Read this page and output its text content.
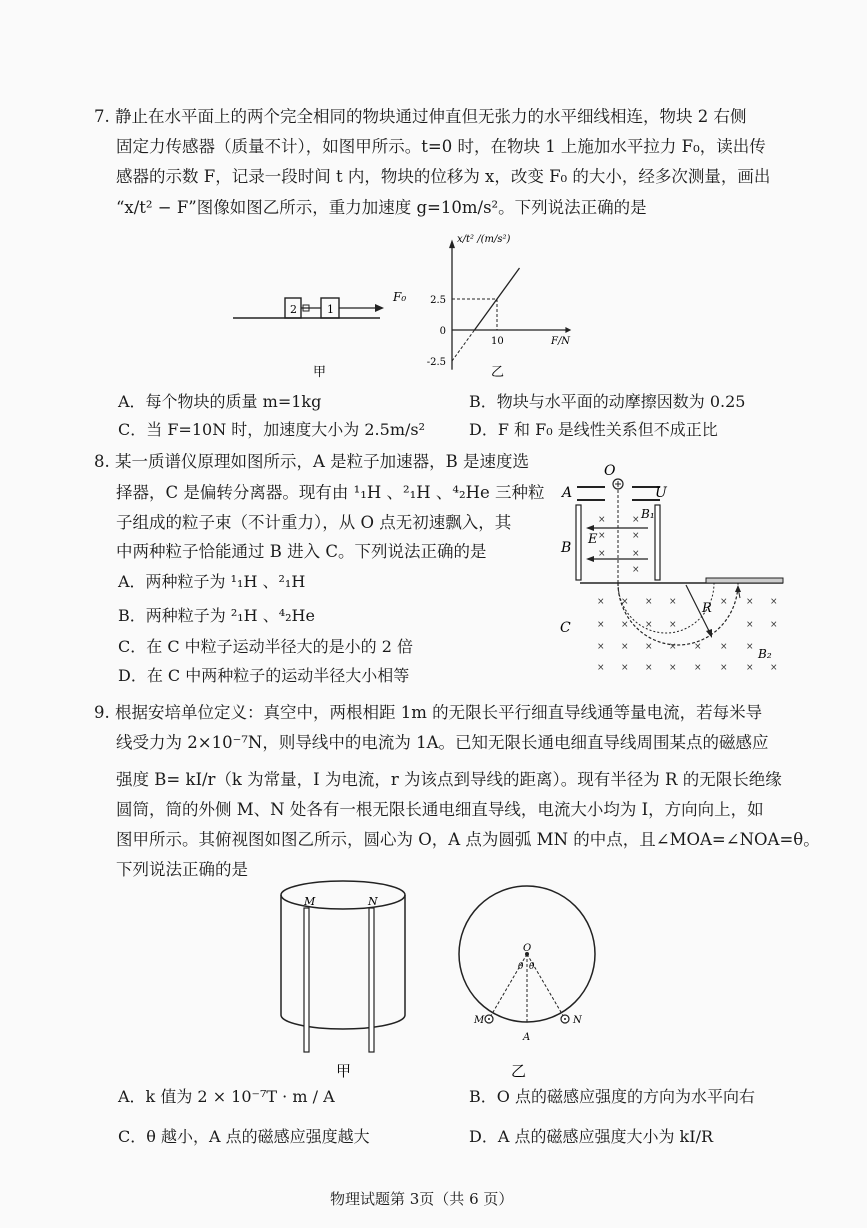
7. 静止在水平面上的两个完全相同的物块通过伸直但无张力的水平细线相连，物块 2 右侧
固定力传感器（质量不计），如图甲所示。t=0 时，在物块 1 上施加水平拉力 F₀，读出传
感器的示数 F，记录一段时间 t 内，物块的位移为 x，改变 F₀ 的大小，经多次测量，画出
“x/t² − F”图像如图乙所示，重力加速度 g=10m/s²。下列说法正确的是
2	1
F₀
甲
x/t² /(m/s²)
F/N
2.5
0
-2.5
10
乙
A．每个物块的质量 m=1kg	B．物块与水平面的动摩擦因数为 0.25
C．当 F=10N 时，加速度大小为 2.5m/s²	D．F 和 F₀ 是线性关系但不成正比
8. 某一质谱仪原理如图所示，A 是粒子加速器，B 是速度选
择器，C 是偏转分离器。现有由 ¹₁H 、²₁H 、⁴₂He 三种粒
子组成的粒子束（不计重力），从 O 点无初速飘入，其
中两种粒子恰能通过 B 进入 C。下列说法正确的是
A．两种粒子为 ¹₁H 、²₁H
B．两种粒子为 ²₁H 、⁴₂He
C．在 C 中粒子运动半径大的是小的 2 倍
D．在 C 中两种粒子的运动半径大小相等
O
A	U
B
B₁
E
×	×
×	×
×	×
×
R
C
B₂
× × × ×	× × ×
× × × ×	× ×
× × × × × × ×
× × × × × × × ×
9. 根据安培单位定义：真空中，两根相距 1m 的无限长平行细直导线通等量电流，若每米导
线受力为 2×10⁻⁷N，则导线中的电流为 1A。已知无限长通电细直导线周围某点的磁感应
强度 B= kI/r（k 为常量，I 为电流，r 为该点到导线的距离）。现有半径为 R 的无限长绝缘
圆筒，筒的外侧 M、N 处各有一根无限长通电细直导线，电流大小均为 I，方向向上，如
图甲所示。其俯视图如图乙所示，圆心为 O，A 点为圆弧 MN 的中点，且∠MOA=∠NOA=θ。
下列说法正确的是
M	N
甲
O
θ θ
M	N
A
乙
A．k 值为 2 × 10⁻⁷T · m / A	B．O 点的磁感应强度的方向为水平向右
C．θ 越小，A 点的磁感应强度越大	D．A 点的磁感应强度大小为 kI/R
物理试题第 3页（共 6 页）
